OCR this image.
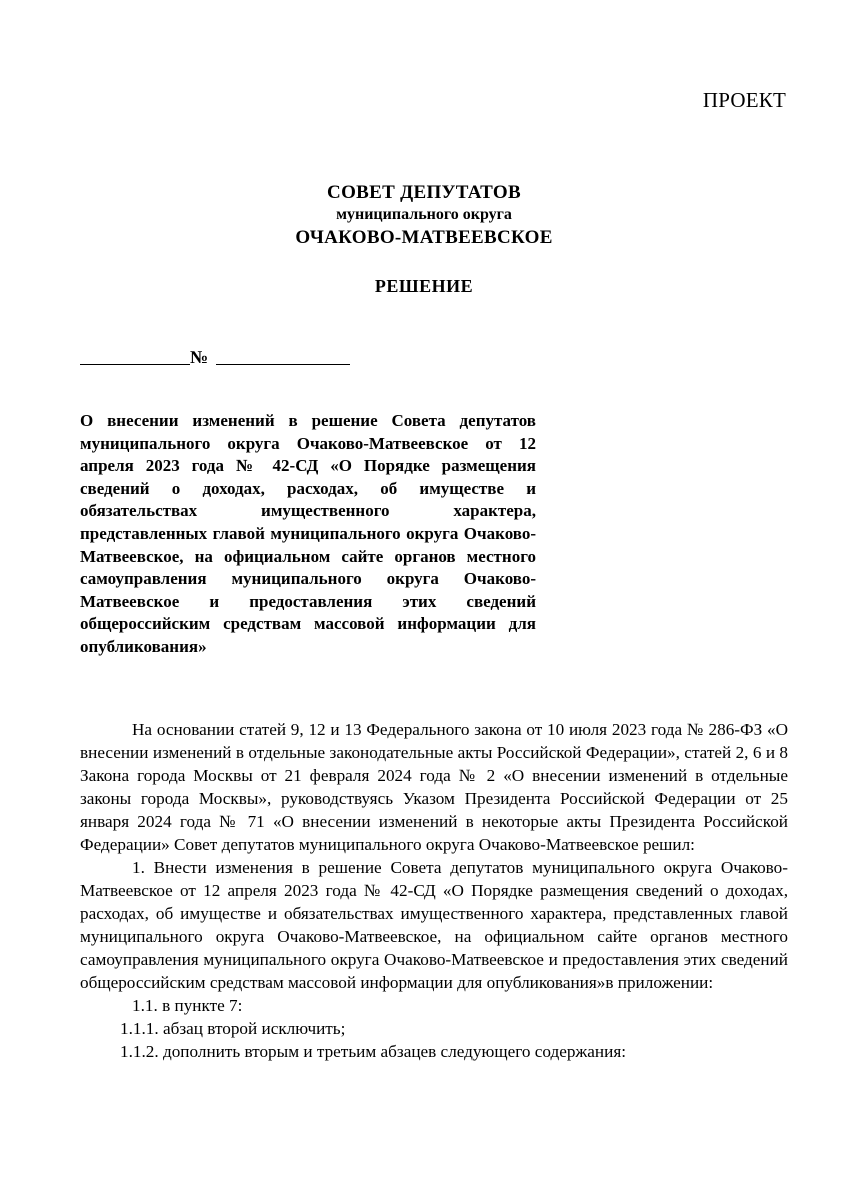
ПРОЕКТ
СОВЕТ ДЕПУТАТОВ
муниципального округа
ОЧАКОВО-МАТВЕЕВСКОЕ
РЕШЕНИЕ
№
О внесении изменений в решение Совета депутатов муниципального округа Очаково-Матвеевское от 12 апреля 2023 года № 42-СД «О Порядке размещения сведений о доходах, расходах, об имуществе и обязательствах имущественного характера, представленных главой муниципального округа Очаково-Матвеевское, на официальном сайте органов местного самоуправления муниципального округа Очаково-Матвеевское и предоставления этих сведений общероссийским средствам массовой информации для опубликования»

На основании статей 9, 12 и 13 Федерального закона от 10 июля 2023 года № 286-ФЗ «О внесении изменений в отдельные законодательные акты Российской Федерации», статей 2, 6 и 8 Закона города Москвы от 21 февраля 2024 года № 2 «О внесении изменений в отдельные законы города Москвы», руководствуясь Указом Президента Российской Федерации от 25 января 2024 года № 71 «О внесении изменений в некоторые акты Президента Российской Федерации» Совет депутатов муниципального округа Очаково-Матвеевское решил:

1. Внести изменения в решение Совета депутатов муниципального округа Очаково-Матвеевское от 12 апреля 2023 года № 42-СД «О Порядке размещения сведений о доходах, расходах, об имуществе и обязательствах имущественного характера, представленных главой муниципального округа Очаково-Матвеевское, на официальном сайте органов местного самоуправления муниципального округа Очаково-Матвеевское и предоставления этих сведений общероссийским средствам массовой информации для опубликования»в приложении:

1.1. в пункте 7:

1.1.1. абзац второй исключить;

1.1.2. дополнить вторым и третьим абзацев следующего содержания:
